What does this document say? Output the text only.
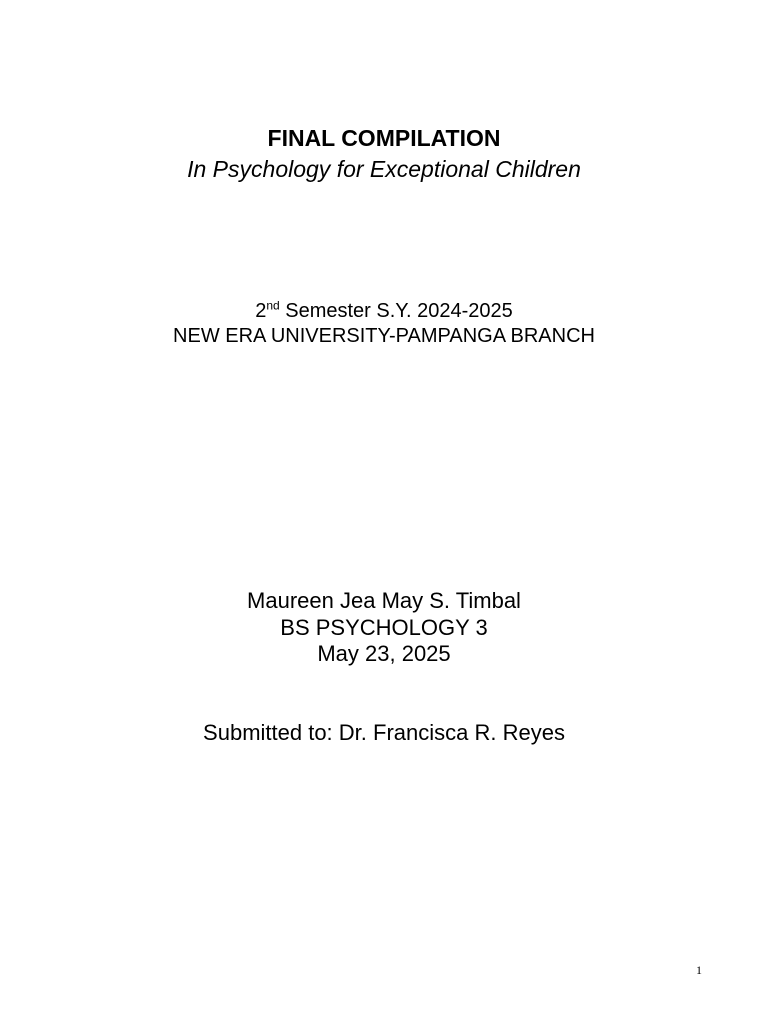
FINAL COMPILATION
In Psychology for Exceptional Children
2nd Semester S.Y. 2024-2025
NEW ERA UNIVERSITY-PAMPANGA BRANCH
Maureen Jea May S. Timbal
BS PSYCHOLOGY 3
May 23, 2025
Submitted to: Dr. Francisca R. Reyes
1
